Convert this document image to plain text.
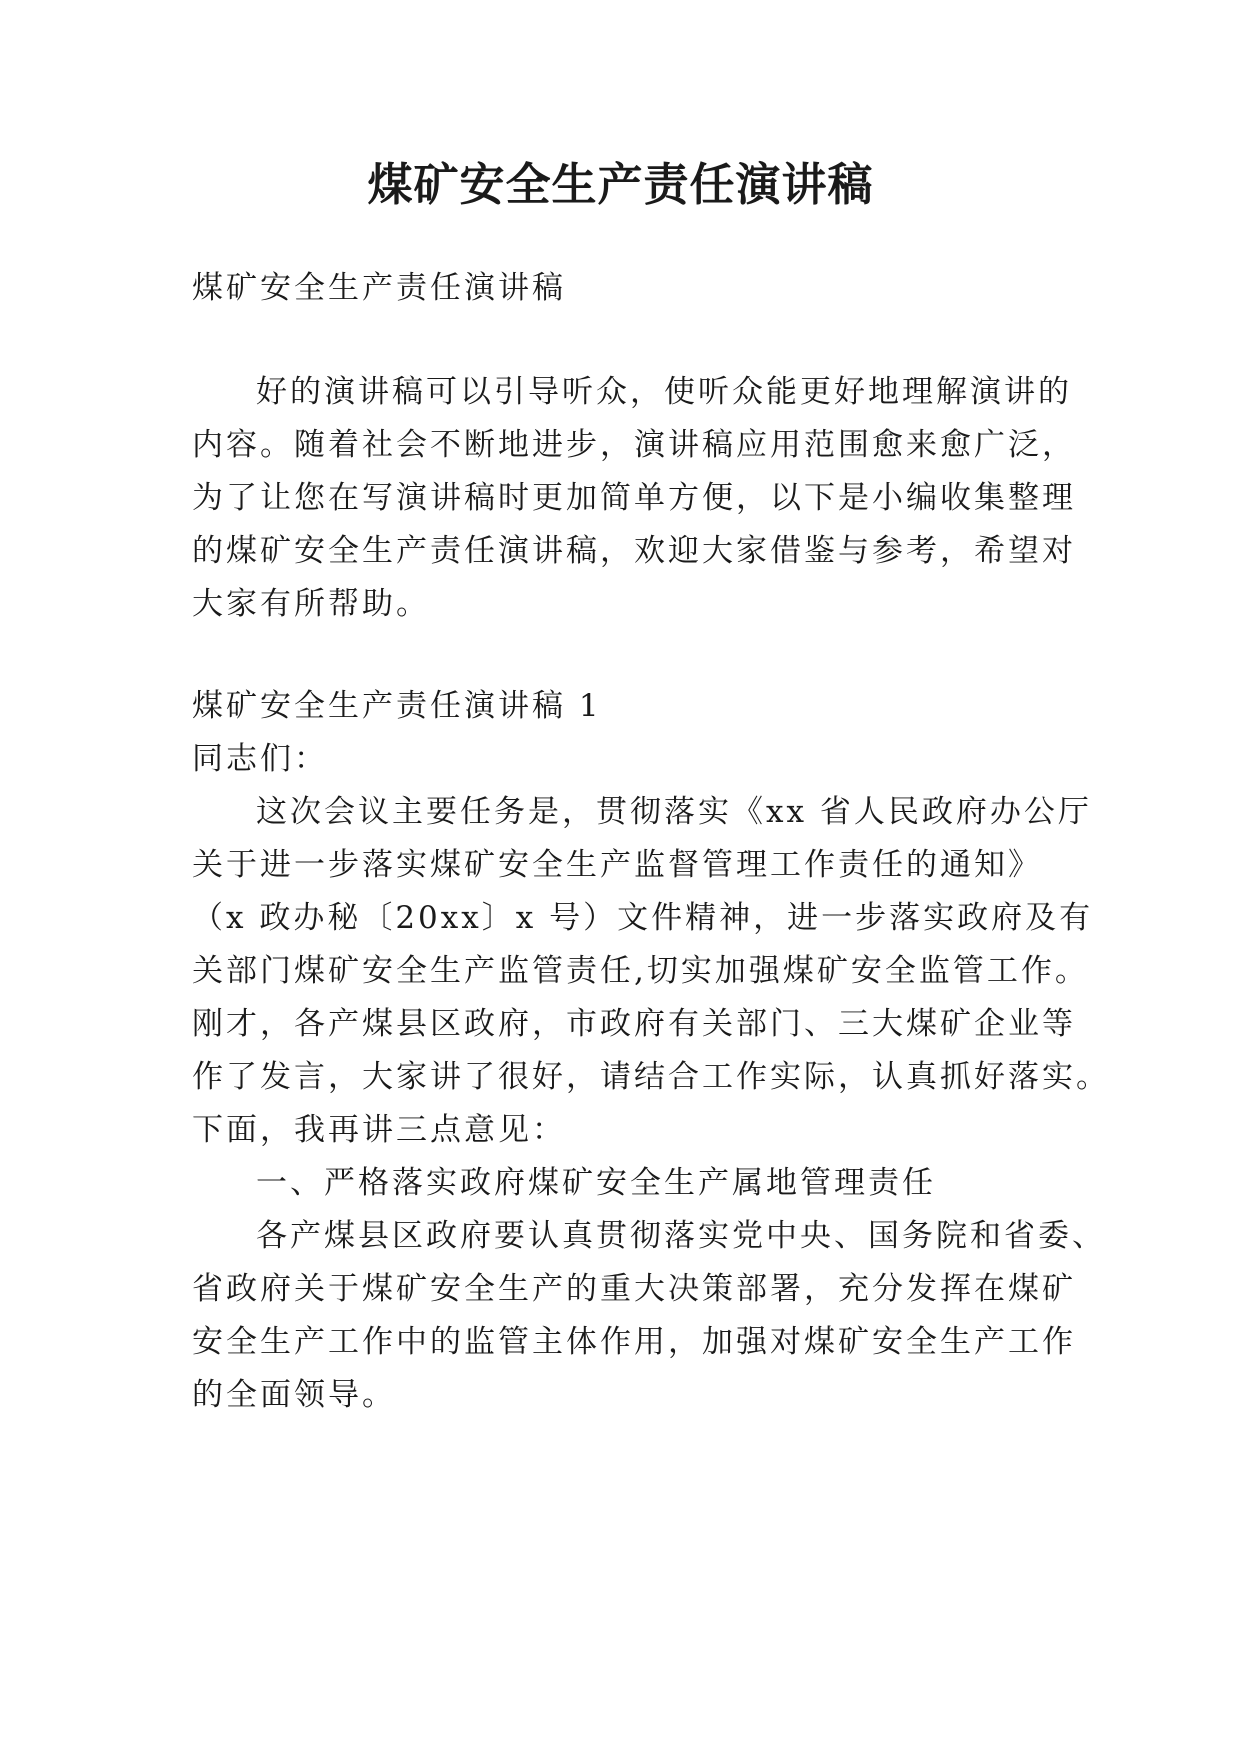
煤矿安全生产责任演讲稿

煤矿安全生产责任演讲稿

好的演讲稿可以引导听众，使听众能更好地理解演讲的

内容。随着社会不断地进步，演讲稿应用范围愈来愈广泛，

为了让您在写演讲稿时更加简单方便，以下是小编收集整理

的煤矿安全生产责任演讲稿，欢迎大家借鉴与参考，希望对

大家有所帮助。

煤矿安全生产责任演讲稿 1

同志们：

这次会议主要任务是，贯彻落实《xx 省人民政府办公厅

关于进一步落实煤矿安全生产监督管理工作责任的通知》

（x 政办秘〔20xx〕x 号）文件精神，进一步落实政府及有

关部门煤矿安全生产监管责任,切实加强煤矿安全监管工作。

刚才，各产煤县区政府，市政府有关部门、三大煤矿企业等

作了发言，大家讲了很好，请结合工作实际，认真抓好落实。

下面，我再讲三点意见：

一、严格落实政府煤矿安全生产属地管理责任

各产煤县区政府要认真贯彻落实党中央、国务院和省委、

省政府关于煤矿安全生产的重大决策部署，充分发挥在煤矿

安全生产工作中的监管主体作用，加强对煤矿安全生产工作

的全面领导。
